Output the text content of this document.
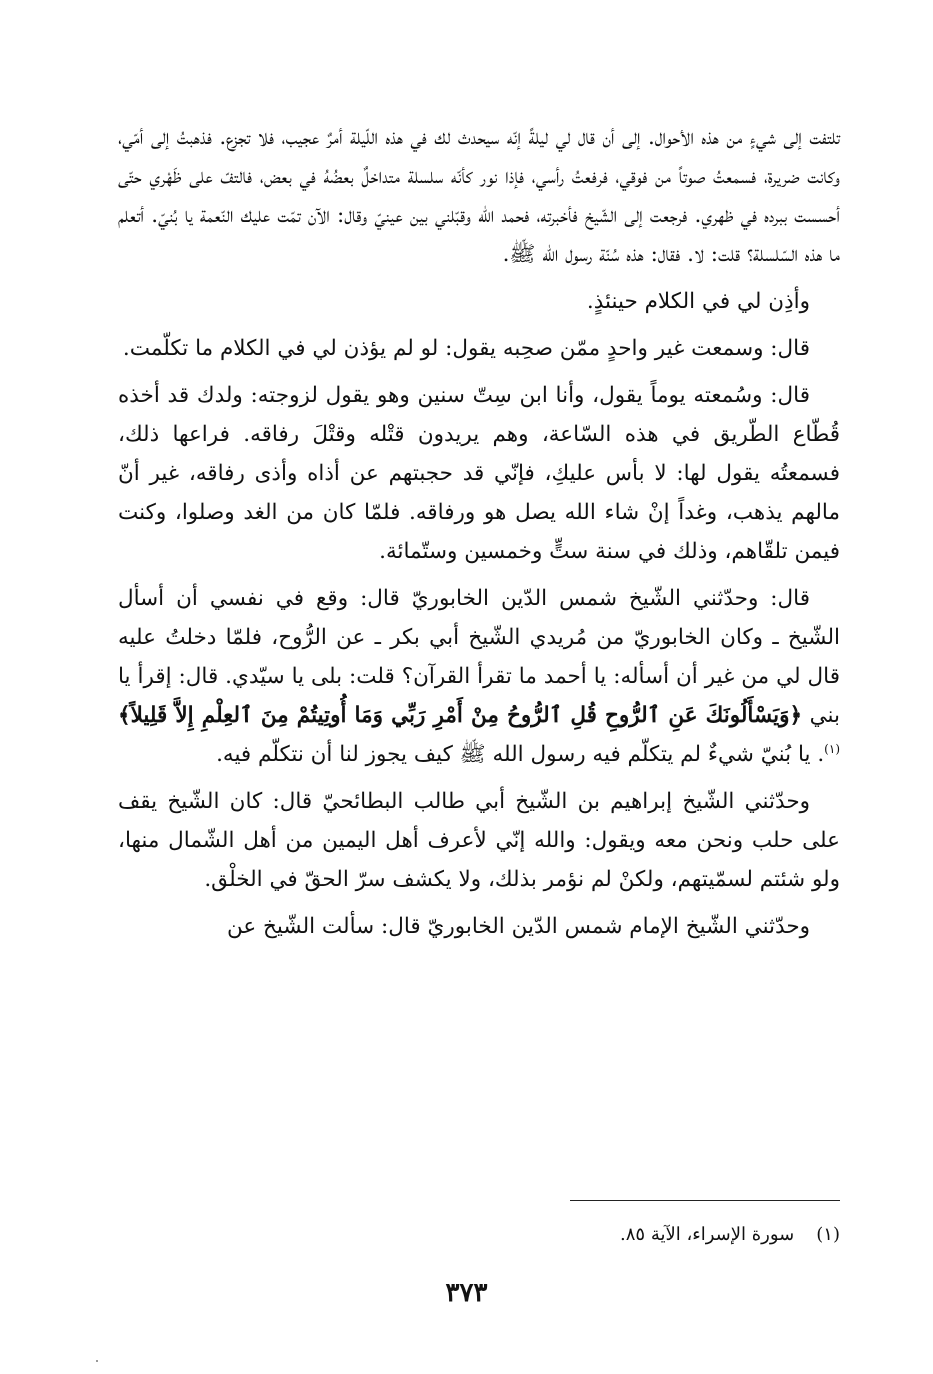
تلتفت إلى شيءٍ من هذه الأحوال. إلى أن قال لي ليلةً إنّه سيحدث لك في هذه اللّيلة أمرٌ عجيب، فلا تجزع. فذهبتُ إلى أمّي، وكانت ضريرة، فسمعتُ صوتاً من فوقي، فرفعتُ رأسي، فإذا نور كأنّه سلسلة متداخلٌ بعضُهُ في بعض، فالتفّ على ظَهْري حتّى أحسست ببرده في ظهري. فرجعت إلى الشّيخ فأخبرته، فحمد الله وقبّلني بين عينيّ وقال: الآن تمّت عليك النّعمة يا بُنيّ. أتعلم ما هذه السّلسلة؟ قلت: لا. فقال: هذه سُنّة رسول الله ﷺ.

وأذِن لي في الكلام حينئذٍ.

قال: وسمعت غير واحدٍ ممّن صحِبه يقول: لو لم يؤذن لي في الكلام ما تكلّمت.

قال: وسُمعته يوماً يقول، وأنا ابن سِتّ سنين وهو يقول لزوجته: ولدك قد أخذه قُطّاع الطّريق في هذه السّاعة، وهم يريدون قتْله وقتْلَ رفاقه. فراعها ذلك، فسمعتُه يقول لها: لا بأس عليكِ، فإنّي قد حجبتهم عن أذاه وأذى رفاقه، غير أنّ مالهم يذهب، وغداً إنْ شاء الله يصل هو ورفاقه. فلمّا كان من الغد وصلوا، وكنت فيمن تلقّاهم، وذلك في سنة ستٍّ وخمسين وستّمائة.

قال: وحدّثني الشّيخ شمس الدّين الخابوريّ قال: وقع في نفسي أن أسأل الشّيخ ـ وكان الخابوريّ من مُريدي الشّيخ أبي بكر ـ عن الرُّوح، فلمّا دخلتُ عليه قال لي من غير أن أسأله: يا أحمد ما تقرأ القرآن؟ قلت: بلى يا سيّدي. قال: إقرأ يا بني ﴿وَيَسْأَلُونَكَ عَنِ ٱلرُّوحِ قُلِ ٱلرُّوحُ مِنْ أَمْرِ رَبِّي وَمَا أُوتِيتُمْ مِنَ ٱلعِلْمِ إِلاَّ قَلِيلاً﴾$^{(١)}$. يا بُنيّ شيءٌ لم يتكلّم فيه رسول الله ﷺ كيف يجوز لنا أن نتكلّم فيه.

وحدّثني الشّيخ إبراهيم بن الشّيخ أبي طالب البطائحيّ قال: كان الشّيخ يقف على حلب ونحن معه ويقول: والله إنّي لأعرف أهل اليمين من أهل الشّمال منها، ولو شئتم لسمّيتهم، ولكنْ لم نؤمر بذلك، ولا يكشف سرّ الحقّ في الخلْق.

وحدّثني الشّيخ الإمام شمس الدّين الخابوريّ قال: سألت الشّيخ عن

(١)سورة الإسراء، الآية ٨٥.
٣٧٣
